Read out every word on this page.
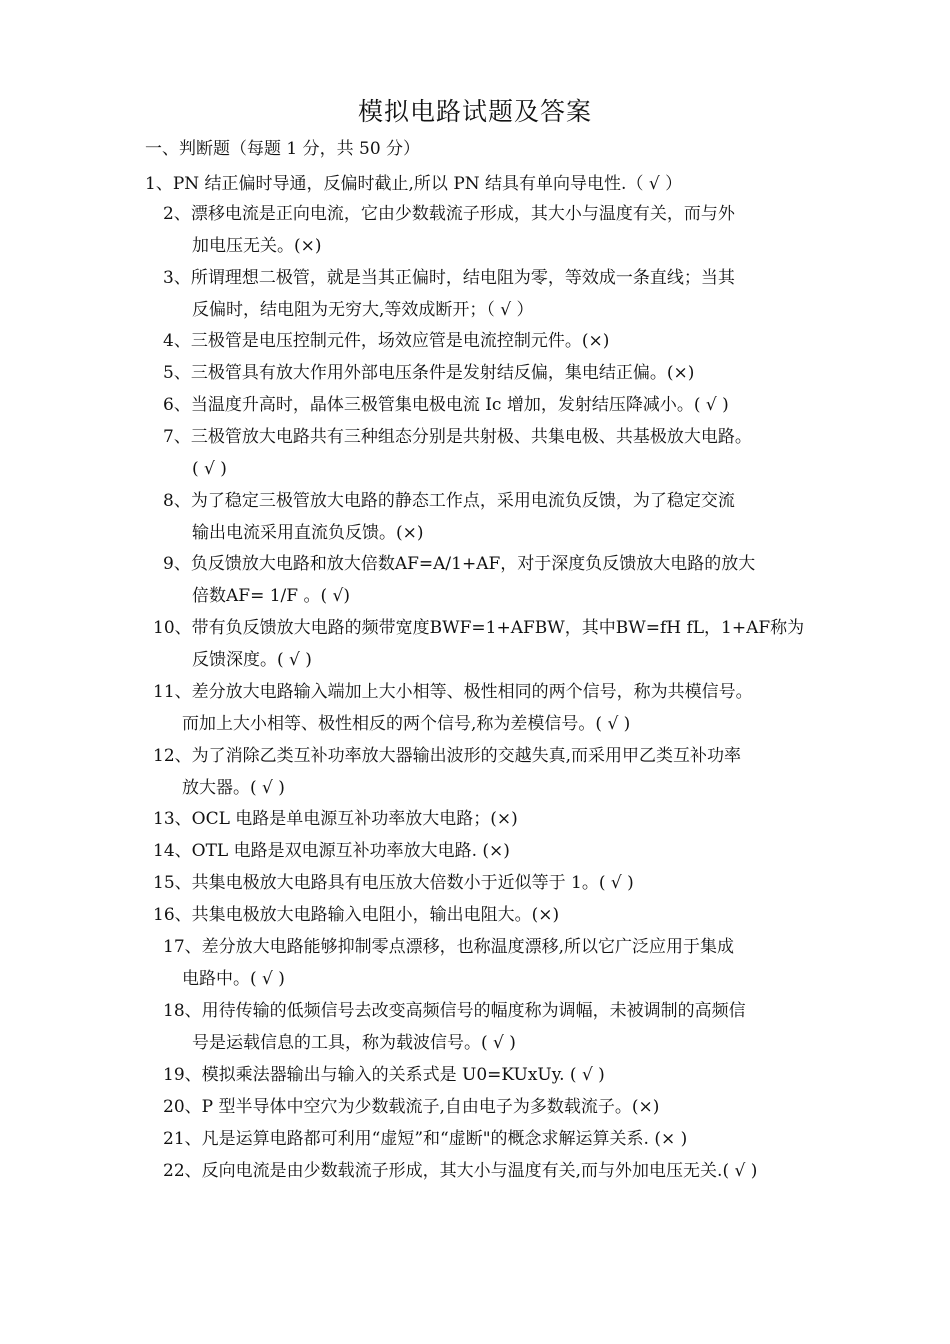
模拟电路试题及答案
一、判断题（每题 1 分，共 50 分）
1、PN 结正偏时导通，反偏时截止,所以 PN 结具有单向导电性.（ √ ）
2、漂移电流是正向电流，它由少数载流子形成，其大小与温度有关，而与外
加电压无关。(×)
3、所谓理想二极管，就是当其正偏时，结电阻为零，等效成一条直线；当其
反偏时，结电阻为无穷大,等效成断开；（ √ ）
4、三极管是电压控制元件，场效应管是电流控制元件。(×)
5、三极管具有放大作用外部电压条件是发射结反偏，集电结正偏。(×)
6、当温度升高时，晶体三极管集电极电流 Ic 增加，发射结压降减小。( √ )
7、三极管放大电路共有三种组态分别是共射极、共集电极、共基极放大电路。
( √ )
8、为了稳定三极管放大电路的静态工作点，采用电流负反馈，为了稳定交流
输出电流采用直流负反馈。(×)
9、负反馈放大电路和放大倍数AF=A/1+AF，对于深度负反馈放大电路的放大
倍数AF= 1/F 。( √)
10、带有负反馈放大电路的频带宽度BWF=1+AFBW，其中BW=fH fL，1+AF称为
反馈深度。( √ )
11、差分放大电路输入端加上大小相等、极性相同的两个信号，称为共模信号。
而加上大小相等、极性相反的两个信号,称为差模信号。( √ )
12、为了消除乙类互补功率放大器输出波形的交越失真,而采用甲乙类互补功率
放大器。( √ )
13、OCL 电路是单电源互补功率放大电路；(×)
14、OTL 电路是双电源互补功率放大电路. (×)
15、共集电极放大电路具有电压放大倍数小于近似等于 1。( √ )
16、共集电极放大电路输入电阻小，输出电阻大。(×)
17、差分放大电路能够抑制零点漂移，也称温度漂移,所以它广泛应用于集成
电路中。( √ )
18、用待传输的低频信号去改变高频信号的幅度称为调幅，未被调制的高频信
号是运载信息的工具，称为载波信号。( √ )
19、模拟乘法器输出与输入的关系式是 U0=KUxUy. ( √ )
20、P 型半导体中空穴为少数载流子,自由电子为多数载流子。(×)
21、凡是运算电路都可利用“虚短”和“虚断"的概念求解运算关系. (× )
22、反向电流是由少数载流子形成，其大小与温度有关,而与外加电压无关.( √ )
